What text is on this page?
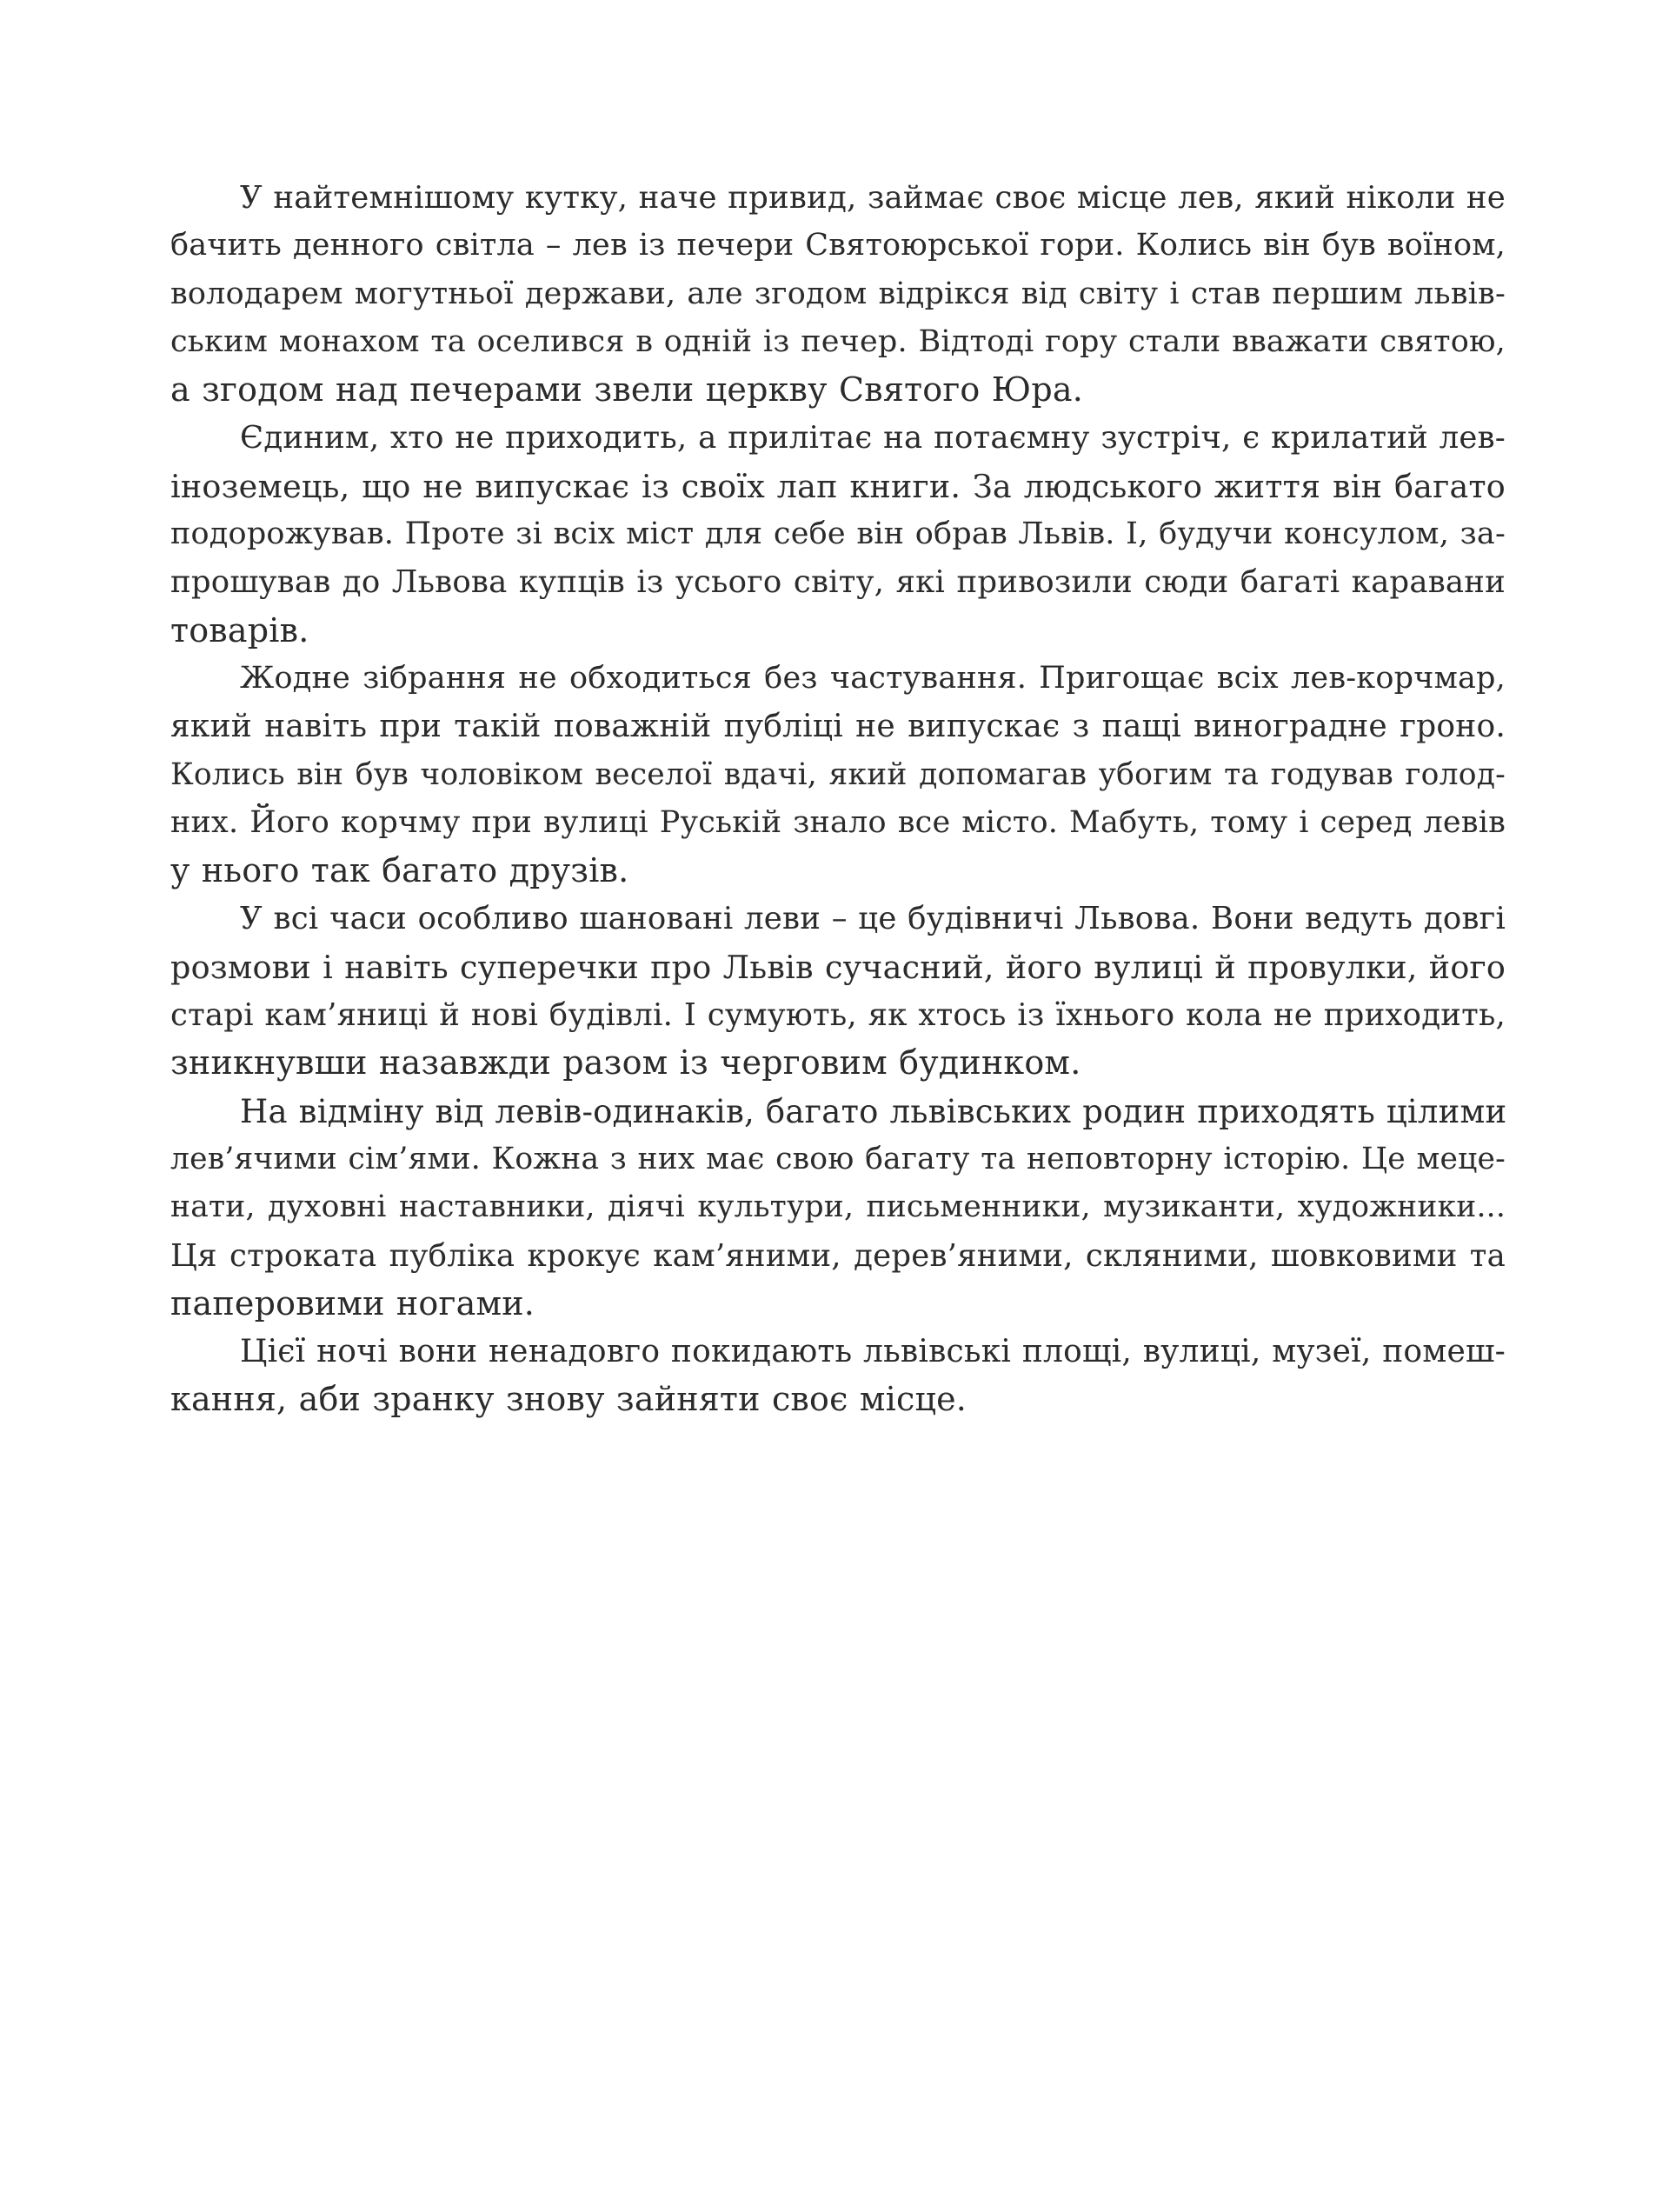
У найтемнішому кутку, наче привид, займає своє місце лев, який ніколи не
бачить денного світла – лев із печери Святоюрської гори. Колись він був воїном,
володарем могутньої держави, але згодом відрікся від світу і став першим львів-
ським монахом та оселився в одній із печер. Відтоді гору стали вважати святою,
а згодом над печерами звели церкву Святого Юра.

Єдиним, хто не приходить, а прилітає на потаємну зустріч, є крилатий лев-
іноземець, що не випускає із своїх лап книги. За людського життя він багато
подорожував. Проте зі всіх міст для себе він обрав Львів. І, будучи консулом, за-
прошував до Львова купців із усього світу, які привозили сюди багаті каравани
товарів.

Жодне зібрання не обходиться без частування. Пригощає всіх лев-корчмар,
який навіть при такій поважній публіці не випускає з пащі виноградне гроно.
Колись він був чоловіком веселої вдачі, який допомагав убогим та годував голод-
них. Його корчму при вулиці Руській знало все місто. Мабуть, тому і серед левів
у нього так багато друзів.

У всі часи особливо шановані леви – це будівничі Львова. Вони ведуть довгі
розмови і навіть суперечки про Львів сучасний, його вулиці й провулки, його
старі кам’яниці й нові будівлі. І сумують, як хтось із їхнього кола не приходить,
зникнувши назавжди разом із черговим будинком.

На відміну від левів-одинаків, багато львівських родин приходять цілими
лев’ячими сім’ями. Кожна з них має свою багату та неповторну історію. Це меце-
нати, духовні наставники, діячі культури, письменники, музиканти, художники...
Ця строката публіка крокує кам’яними, дерев’яними, скляними, шовковими та
паперовими ногами.

Цієї ночі вони ненадовго покидають львівські площі, вулиці, музеї, помеш-
кання, аби зранку знову зайняти своє місце.
